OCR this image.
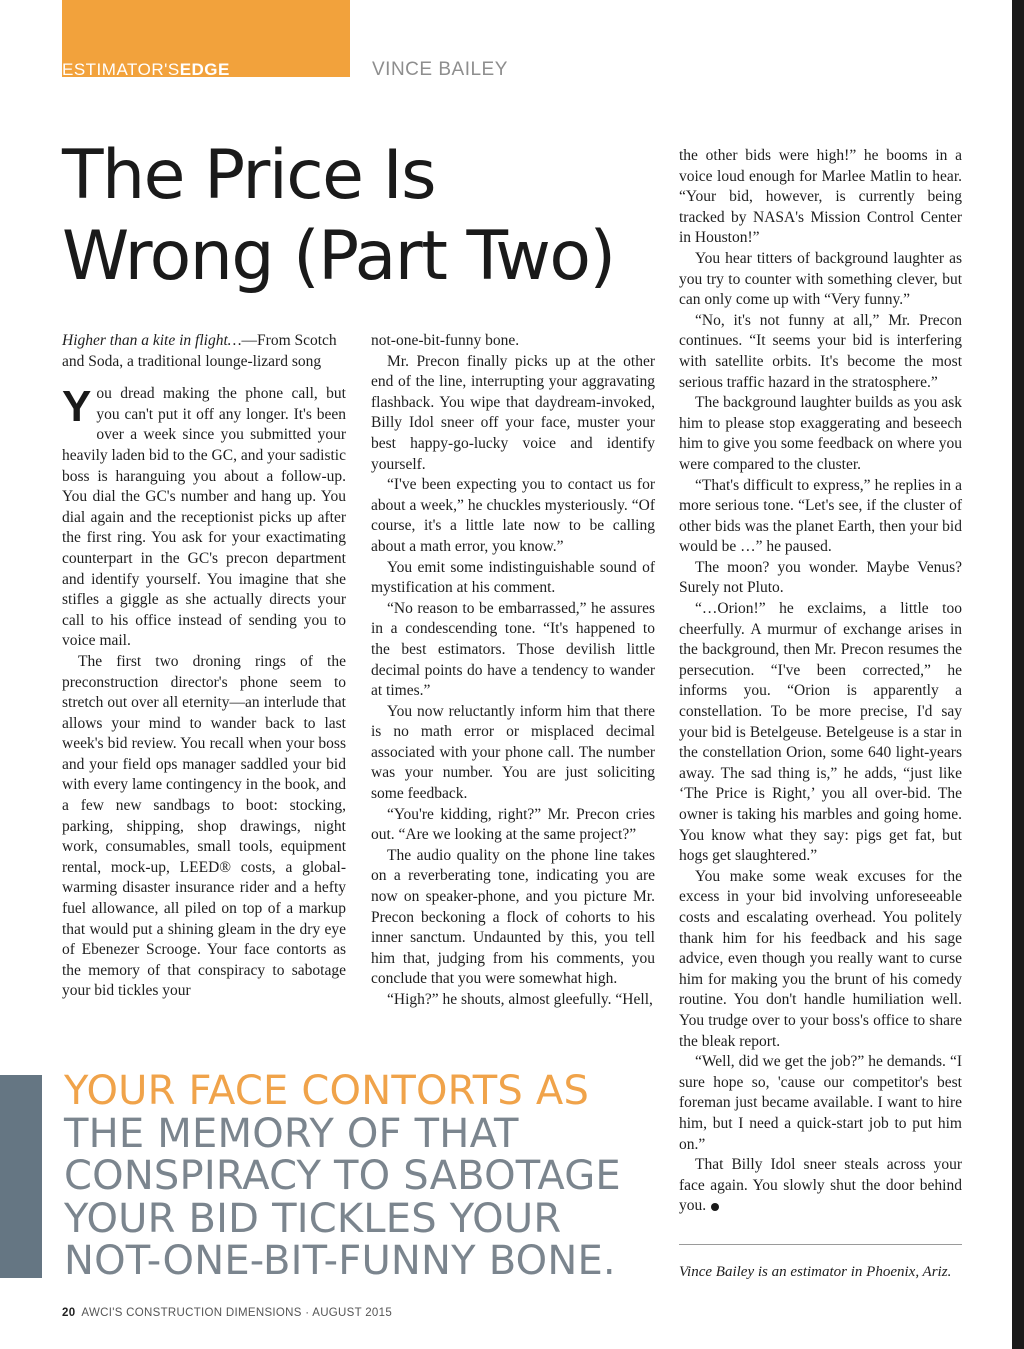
ESTIMATOR'SEDGE	VINCE BAILEY
The Price Is Wrong (Part Two)

Higher than a kite in flight…—From Scotch and Soda, a traditional lounge-lizard song

You dread making the phone call, but you can't put it off any longer. It's been over a week since you submitted your heavily laden bid to the GC, and your sadistic boss is haranguing you about a follow-up. You dial the GC's number and hang up. You dial again and the receptionist picks up after the first ring. You ask for your exactimating counterpart in the GC's precon department and identify yourself. You imagine that she stifles a giggle as she actually directs your call to his office instead of sending you to voice mail.

The first two droning rings of the preconstruction director's phone seem to stretch out over all eternity—an interlude that allows your mind to wander back to last week's bid review. You recall when your boss and your field ops manager saddled your bid with every lame contingency in the book, and a few new sandbags to boot: stocking, parking, shipping, shop drawings, night work, consumables, small tools, equipment rental, mock-up, LEED® costs, a global-warming disaster insurance rider and a hefty fuel allowance, all piled on top of a markup that would put a shining gleam in the dry eye of Ebenezer Scrooge. Your face contorts as the memory of that conspiracy to sabotage your bid tickles your

not-one-bit-funny bone.

Mr. Precon finally picks up at the other end of the line, interrupting your aggravating flashback. You wipe that daydream-invoked, Billy Idol sneer off your face, muster your best happy-go-lucky voice and identify yourself.

“I've been expecting you to contact us for about a week,” he chuckles mysteriously. “Of course, it's a little late now to be calling about a math error, you know.”

You emit some indistinguishable sound of mystification at his comment.

“No reason to be embarrassed,” he assures in a condescending tone. “It's happened to the best estimators. Those devilish little decimal points do have a tendency to wander at times.”

You now reluctantly inform him that there is no math error or misplaced decimal associated with your phone call. The number was your number. You are just soliciting some feedback.

“You're kidding, right?” Mr. Precon cries out. “Are we looking at the same project?”

The audio quality on the phone line takes on a reverberating tone, indicating you are now on speaker-phone, and you picture Mr. Precon beckoning a flock of cohorts to his inner sanctum. Undaunted by this, you tell him that, judging from his comments, you conclude that you were somewhat high.

“High?” he shouts, almost gleefully. “Hell,

the other bids were high!” he booms in a voice loud enough for Marlee Matlin to hear. “Your bid, however, is currently being tracked by NASA's Mission Control Center in Houston!”

You hear titters of background laughter as you try to counter with something clever, but can only come up with “Very funny.”

“No, it's not funny at all,” Mr. Precon continues. “It seems your bid is interfering with satellite orbits. It's become the most serious traffic hazard in the stratosphere.”

The background laughter builds as you ask him to please stop exaggerating and beseech him to give you some feedback on where you were compared to the cluster.

“That's difficult to express,” he replies in a more serious tone. “Let's see, if the cluster of other bids was the planet Earth, then your bid would be …” he paused.

The moon? you wonder. Maybe Venus? Surely not Pluto.

“…Orion!” he exclaims, a little too cheerfully. A murmur of exchange arises in the background, then Mr. Precon resumes the persecution. “I've been corrected,” he informs you. “Orion is apparently a constellation. To be more precise, I'd say your bid is Betelgeuse. Betelgeuse is a star in the constellation Orion, some 640 light-years away. The sad thing is,” he adds, “just like ‘The Price is Right,’ you all over-bid. The owner is taking his marbles and going home. You know what they say: pigs get fat, but hogs get slaughtered.”

You make some weak excuses for the excess in your bid involving unforeseeable costs and escalating overhead. You politely thank him for his feedback and his sage advice, even though you really want to curse him for making you the brunt of his comedy routine. You don't handle humiliation well. You trudge over to your boss's office to share the bleak report.

“Well, did we get the job?” he demands. “I sure hope so, 'cause our competitor's best foreman just became available. I want to hire him, but I need a quick-start job to put him on.”

That Billy Idol sneer steals across your face again. You slowly shut the door behind you.

YOUR FACE CONTORTS AS
THE MEMORY OF THAT CONSPIRACY TO SABOTAGE YOUR BID TICKLES YOUR NOT-ONE-BIT-FUNNY BONE.	Vince Bailey is an estimator in Phoenix, Ariz.
20 AWCI'S CONSTRUCTION DIMENSIONS · AUGUST 2015
